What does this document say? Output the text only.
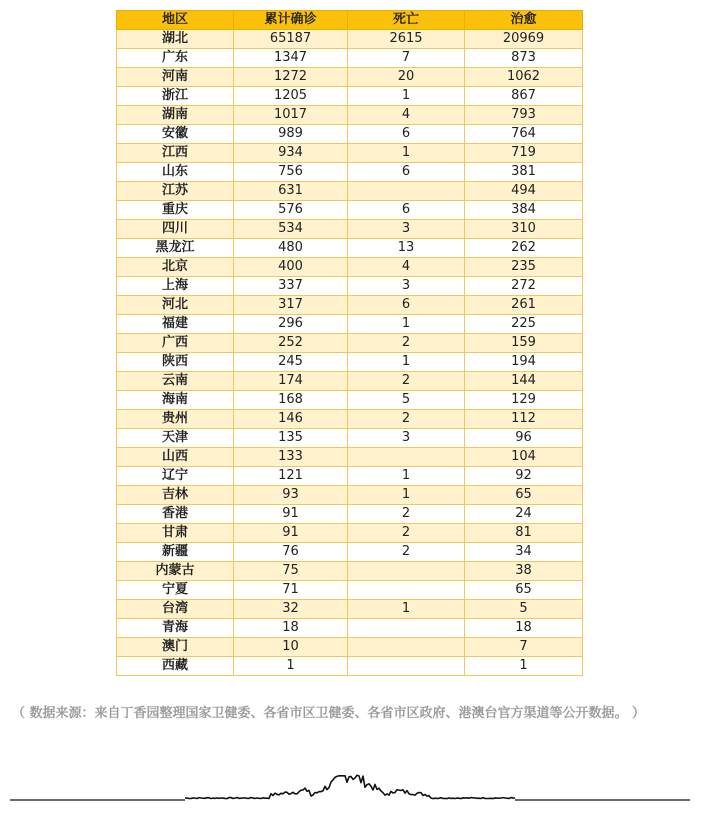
地区	累计确诊	死亡	治愈
湖北	65187	2615	20969
广东	1347	7	873
河南	1272	20	1062
浙江	1205	1	867
湖南	1017	4	793
安徽	989	6	764
江西	934	1	719
山东	756	6	381
江苏	631		494
重庆	576	6	384
四川	534	3	310
黑龙江	480	13	262
北京	400	4	235
上海	337	3	272
河北	317	6	261
福建	296	1	225
广西	252	2	159
陕西	245	1	194
云南	174	2	144
海南	168	5	129
贵州	146	2	112
天津	135	3	96
山西	133		104
辽宁	121	1	92
吉林	93	1	65
香港	91	2	24
甘肃	91	2	81
新疆	76	2	34
内蒙古	75		38
宁夏	71		65
台湾	32	1	5
青海	18		18
澳门	10		7
西藏	1		1
（ 数据来源：来自丁香园整理国家卫健委、各省市区卫健委、各省市区政府、港澳台官方渠道等公开数据。 ）
